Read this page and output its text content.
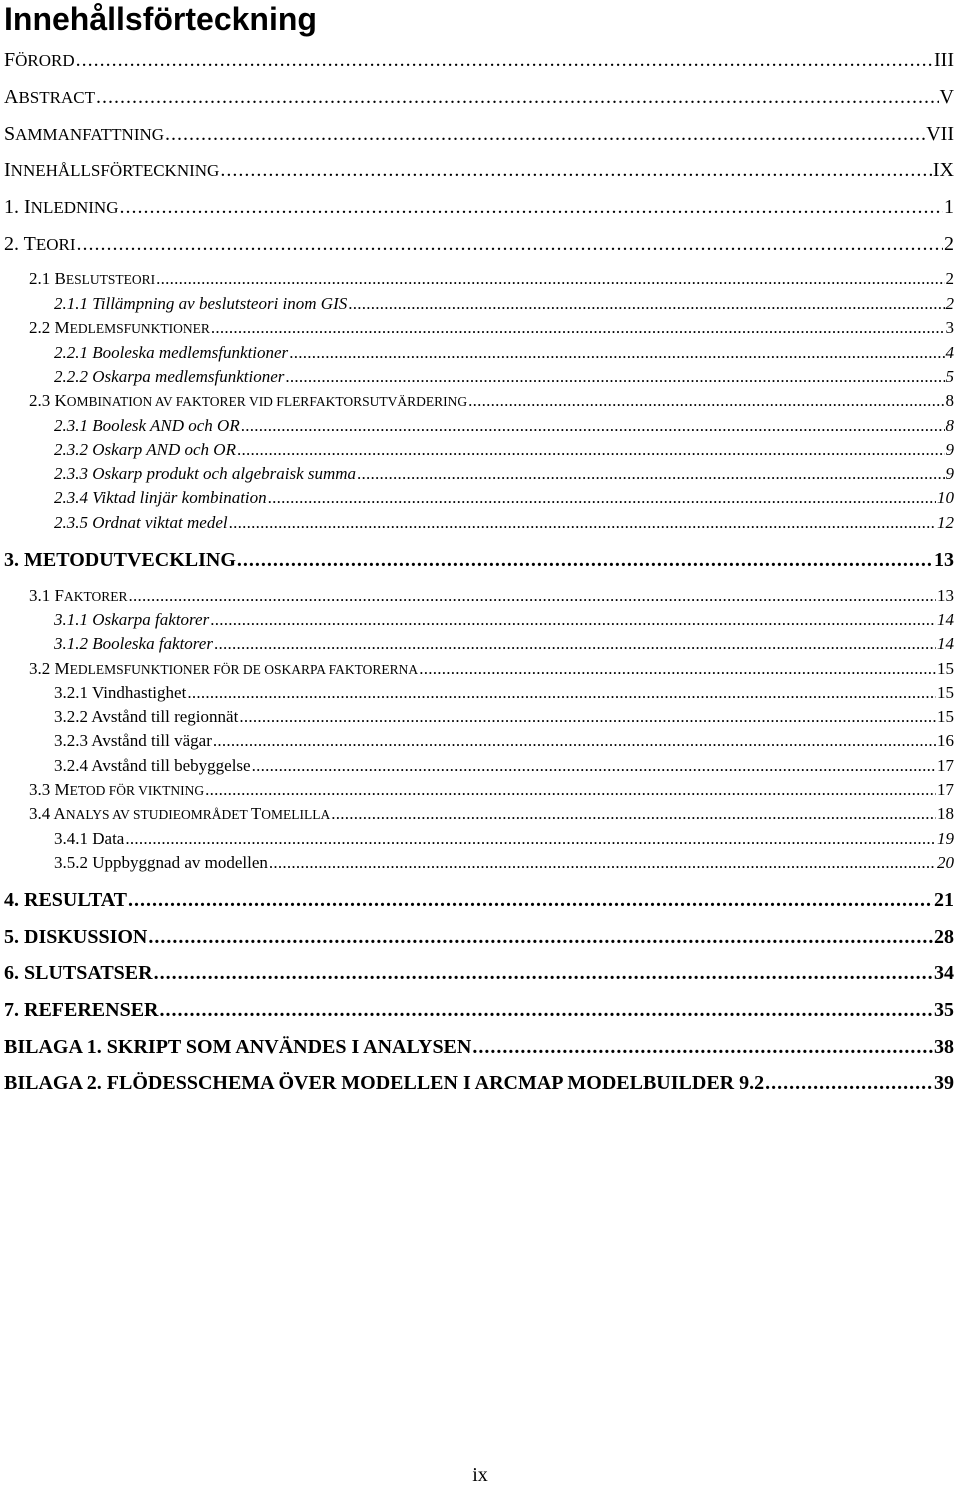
Innehållsförteckning
FÖRORD . . .	III
ABSTRACT . . .	V
SAMMANFATTNING . . .	VII
INNEHÅLLSFÖRTECKNING . . .	IX
1. INLEDNING . . .	1
2. TEORI . . .	2
2.1 BESLUTSTEORI . . .	2
2.1.1 Tillämpning av beslutsteori inom GIS . . .	2
2.2 MEDLEMSFUNKTIONER . . .	3
2.2.1 Booleska medlemsfunktioner . . .	4
2.2.2 Oskarpa medlemsfunktioner . . .	5
2.3 KOMBINATION AV FAKTORER VID FLERFAKTORSUTVÄRDERING . . .	8
2.3.1 Boolesk AND och OR . . .	8
2.3.2 Oskarp AND och OR . . .	9
2.3.3 Oskarp produkt och algebraisk summa . . .	9
2.3.4 Viktad linjär kombination . . .	10
2.3.5 Ordnat viktat medel . . .	12
3. METODUTVECKLING . . .	13
3.1 FAKTORER . . .	13
3.1.1 Oskarpa faktorer . . .	14
3.1.2 Booleska faktorer . . .	14
3.2 MEDLEMSFUNKTIONER FÖR DE OSKARPA FAKTORERNA . . .	15
3.2.1 Vindhastighet . . .	15
3.2.2 Avstånd till regionnät . . .	15
3.2.3 Avstånd till vägar . . .	16
3.2.4 Avstånd till bebyggelse . . .	17
3.3 METOD FÖR VIKTNING . . .	17
3.4 ANALYS AV STUDIEOMRÅDET TOMELILLA . . .	18
3.4.1 Data . . .	19
3.5.2 Uppbyggnad av modellen . . .	20
4. RESULTAT . . .	21
5. DISKUSSION . . .	28
6. SLUTSATSER . . .	34
7. REFERENSER . . .	35
BILAGA 1. SKRIPT SOM ANVÄNDES I ANALYSEN . . .	38
BILAGA 2. FLÖDESSCHEMA ÖVER MODELLEN I ARCMAP MODELBUILDER 9.2 . . .	39
ix
